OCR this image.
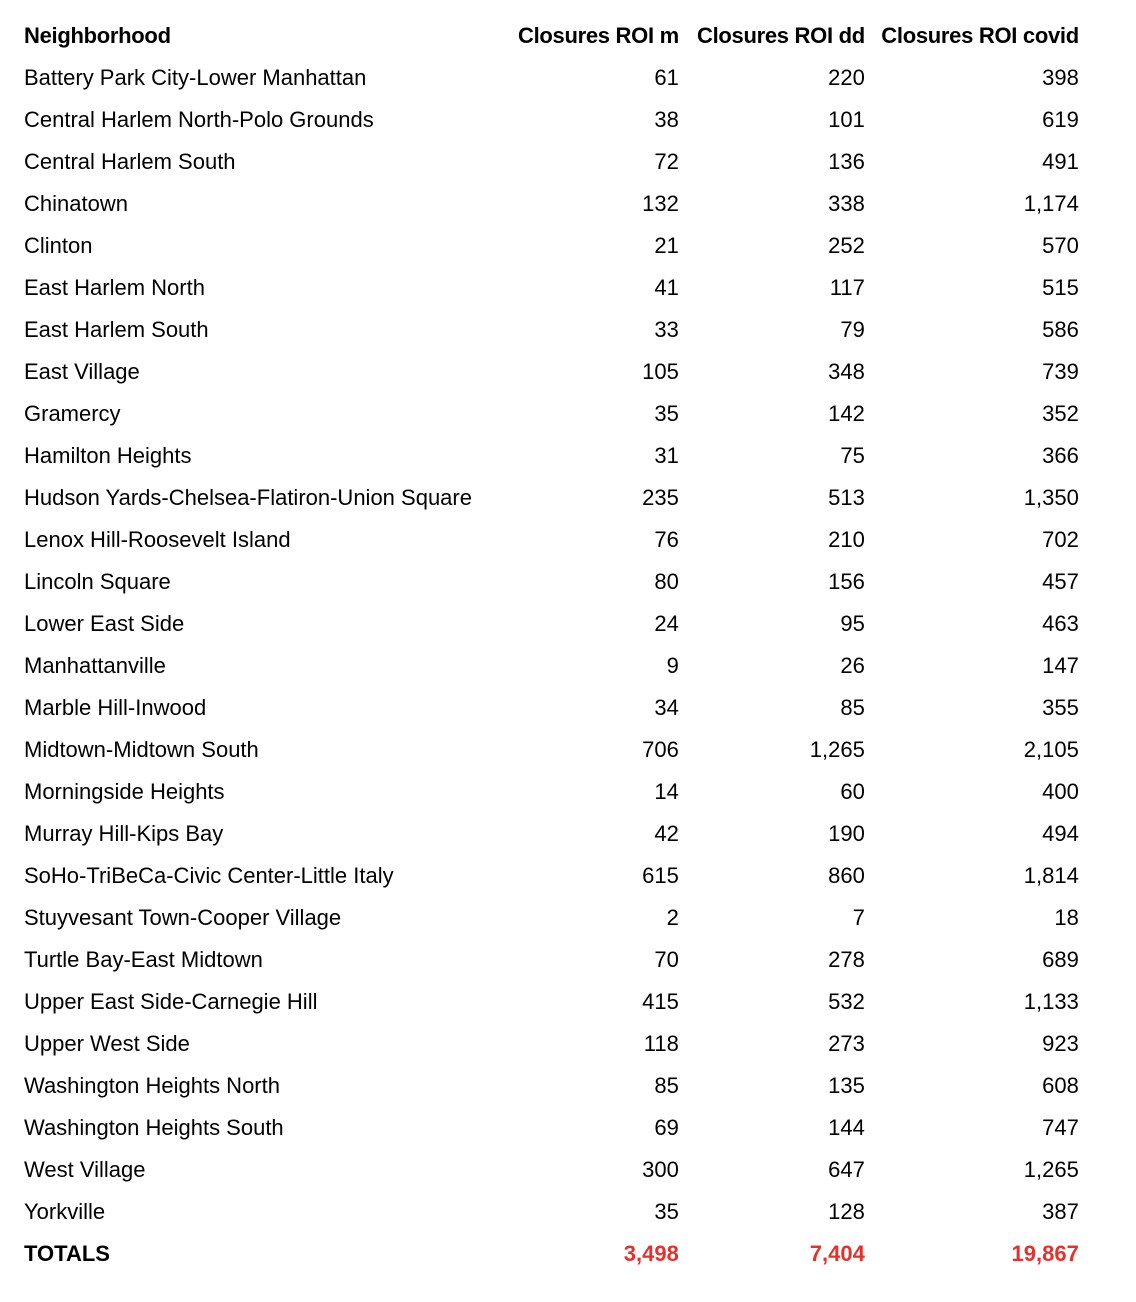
Neighborhood	Closures ROI m	Closures ROI dd	Closures ROI covid
Battery Park City-Lower Manhattan	61	220	398
Central Harlem North-Polo Grounds	38	101	619
Central Harlem South	72	136	491
Chinatown	132	338	1,174
Clinton	21	252	570
East Harlem North	41	117	515
East Harlem South	33	79	586
East Village	105	348	739
Gramercy	35	142	352
Hamilton Heights	31	75	366
Hudson Yards-Chelsea-Flatiron-Union Square	235	513	1,350
Lenox Hill-Roosevelt Island	76	210	702
Lincoln Square	80	156	457
Lower East Side	24	95	463
Manhattanville	9	26	147
Marble Hill-Inwood	34	85	355
Midtown-Midtown South	706	1,265	2,105
Morningside Heights	14	60	400
Murray Hill-Kips Bay	42	190	494
SoHo-TriBeCa-Civic Center-Little Italy	615	860	1,814
Stuyvesant Town-Cooper Village	2	7	18
Turtle Bay-East Midtown	70	278	689
Upper East Side-Carnegie Hill	415	532	1,133
Upper West Side	118	273	923
Washington Heights North	85	135	608
Washington Heights South	69	144	747
West Village	300	647	1,265
Yorkville	35	128	387
TOTALS	3,498	7,404	19,867
